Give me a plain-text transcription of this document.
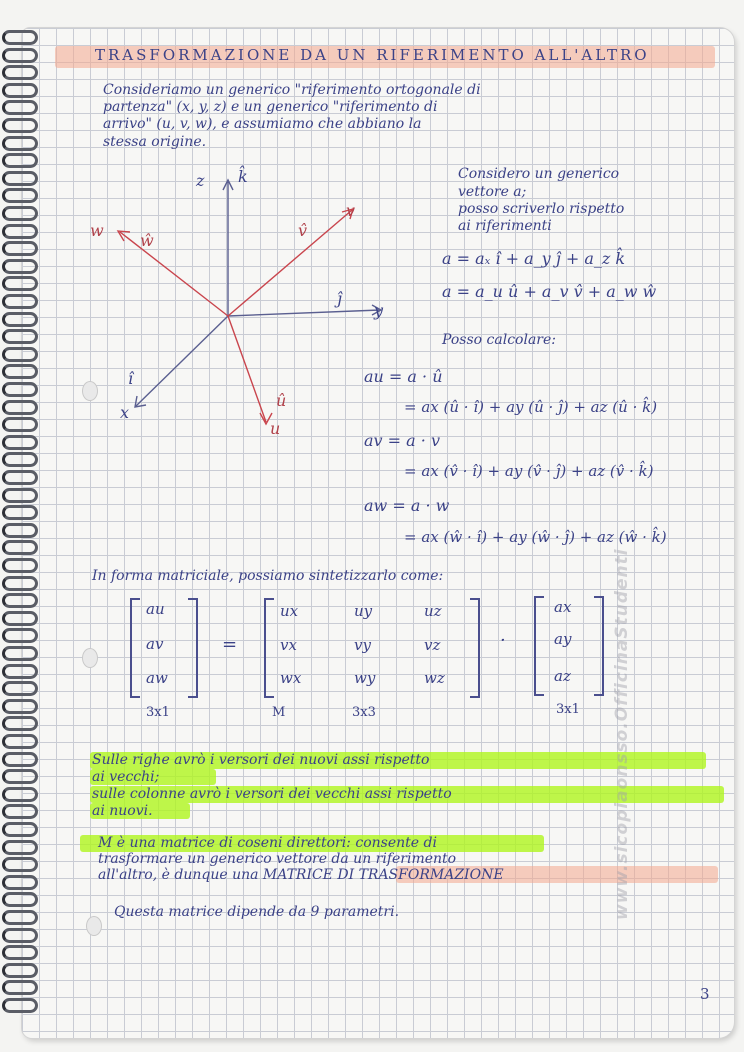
TRASFORMAZIONE DA UN RIFERIMENTO ALL'ALTRO
Consideriamo un generico "riferimento ortogonale di
partenza" (x, y, z) e un generico "riferimento di
arrivo" (u, v, w), e assumiamo che abbiano la
stessa origine.
z k̂
w
ŵ
v
v̂
ĵ
y
î
x
û
u
Considero un generico
vettore a;
posso scriverlo rispetto
ai riferimenti
a = aₓ î + a_y ĵ + a_z k̂
a = a_u û + a_v v̂ + a_w ŵ
Posso calcolare:
au = a · û
= ax (û · î) + ay (û · ĵ) + az (û · k̂)
av = a · v
= ax (v̂ · î) + ay (v̂ · ĵ) + az (v̂ · k̂)
aw = a · w
= ax (ŵ · î) + ay (ŵ · ĵ) + az (ŵ · k̂)
In forma matriciale, possiamo sintetizzarlo come:
au
av
aw
=
ux	uy	uz
vx	vy	vz
wx	wy	wz
·
ax
ay
az
3x1	M	3x3	3x1
Sulle righe avrò i versori dei nuovi assi rispetto
ai vecchi;
sulle colonne avrò i versori dei vecchi assi rispetto
ai nuovi.
M è una matrice di coseni direttori: consente di
trasformare un generico vettore da un riferimento
all'altro, è dunque una MATRICE DI TRASFORMAZIONE
Questa matrice dipende da 9 parametri.
3
www.sicopiaonsso.OfficinaStudenti
